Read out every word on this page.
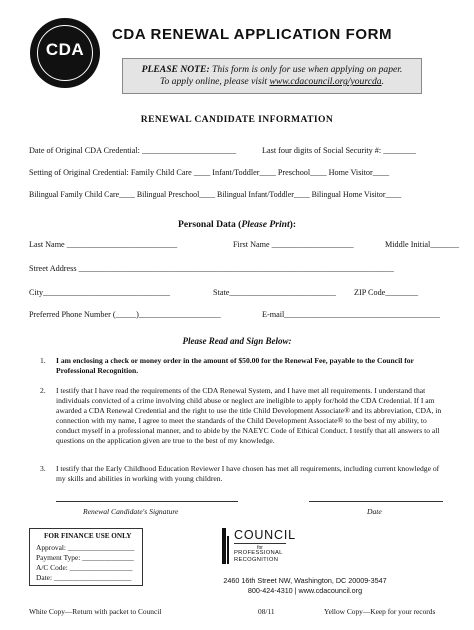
CDA
CDA RENEWAL APPLICATION FORM
PLEASE NOTE: This form is only for use when applying on paper.
To apply online, please visit www.cdacouncil.org/yourcda.
RENEWAL CANDIDATE INFORMATION
Date of Original CDA Credential: _______________________	Last four digits of Social Security #: ________
Setting of Original Credential: Family Child Care ____ Infant/Toddler____ Preschool____ Home Visitor____
Bilingual Family Child Care____ Bilingual Preschool____ Bilingual Infant/Toddler____ Bilingual Home Visitor____
Personal Data (Please Print):
Last Name ___________________________	First Name ____________________	Middle Initial_______
Street Address _____________________________________________________________________________
City_______________________________	State__________________________ ZIP Code________
Preferred Phone Number (_____)____________________	E-mail______________________________________
Please Read and Sign Below:
1. I am enclosing a check or money order in the amount of $50.00 for the Renewal Fee, payable to the Council for Professional Recognition.
2. I testify that I have read the requirements of the CDA Renewal System, and I have met all requirements. I understand that individuals convicted of a crime involving child abuse or neglect are ineligible to apply for/hold the CDA Credential. If I am awarded a CDA Renewal Credential and the right to use the title Child Development Associate® and its abbreviation, CDA, in connection with my name, I agree to meet the standards of the Child Development Associate® to the best of my ability, to conduct myself in a professional manner, and to abide by the NAEYC Code of Ethical Conduct. I testify that all answers to all questions on the application given are true to the best of my knowledge.
3. I testify that the Early Childhood Education Reviewer I have chosen has met all requirements, including current knowledge of my skills and abilities in working with young children.
Renewal Candidate's Signature	Date
FOR FINANCE USE ONLY
Approval: __________________
Payment Type: ______________
A/C Code: _________________
Date: _____________________
COUNCIL
for
PROFESSIONAL
RECOGNITION
2460 16th Street NW, Washington, DC 20009-3547
800-424-4310 | www.cdacouncil.org
White Copy—Return with packet to Council	08/11	Yellow Copy—Keep for your records
